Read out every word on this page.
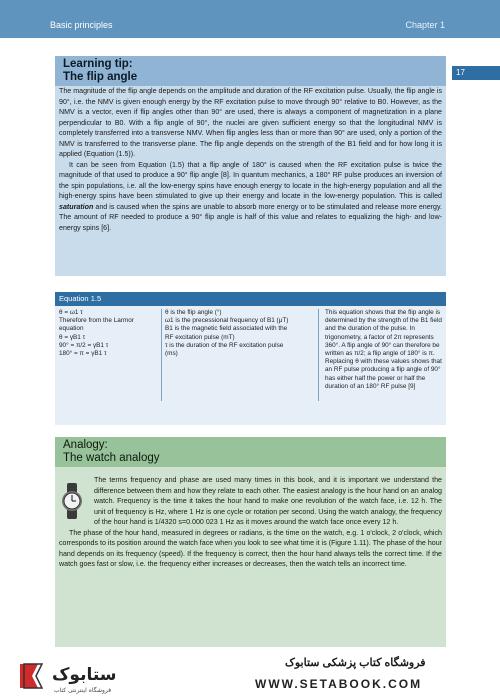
Basic principles	Chapter 1
17
Learning tip:
The flip angle

The magnitude of the flip angle depends on the amplitude and duration of the RF excitation pulse. Usually, the flip angle is 90°, i.e. the NMV is given enough energy by the RF excitation pulse to move through 90° relative to B0. However, as the NMV is a vector, even if flip angles other than 90° are used, there is always a component of magnetization in a plane perpendicular to B0. With a flip angle of 90°, the nuclei are given sufficient energy so that the longitudinal NMV is completely transferred into a transverse NMV. When flip angles less than or more than 90° are used, only a portion of the NMV is transferred to the transverse plane. The flip angle depends on the strength of the B1 field and for how long it is applied (Equation (1.5)).

It can be seen from Equation (1.5) that a flip angle of 180° is caused when the RF excitation pulse is twice the magnitude of that used to produce a 90° flip angle [8]. In quantum mechanics, a 180° RF pulse produces an inversion of the spin populations, i.e. all the low-energy spins have enough energy to locate in the high-energy population and all the high-energy spins have been stimulated to give up their energy and locate in the low-energy population. This is called saturation and is caused when the spins are unable to absorb more energy or to be stimulated and release more energy. The amount of RF needed to produce a 90° flip angle is half of this value and relates to equalizing the high- and low-energy spins [6].

Equation 1.5
θ = ω1 τ
Therefore from the Larmor equation
θ = γB1 τ
90° = π/2 = γB1 τ
180° = π = γB1 τ
θ is the flip angle (°)
ω1 is the precessional frequency of B1 (μT)
B1 is the magnetic field associated with the RF excitation pulse (mT)
τ is the duration of the RF excitation pulse (ms)
This equation shows that the flip angle is determined by the strength of the B1 field and the duration of the pulse. In trigonometry, a factor of 2π represents 360°. A flip angle of 90° can therefore be written as π/2; a flip angle of 180° is π. Replacing θ with these values shows that an RF pulse producing a flip angle of 90° has either half the power or half the duration of an 180° RF pulse [9]
Analogy:
The watch analogy

The terms frequency and phase are used many times in this book, and it is important we understand the difference between them and how they relate to each other. The easiest analogy is the hour hand on an analog watch. Frequency is the time it takes the hour hand to make one revolution of the watch face, i.e. 12 h. The unit of frequency is Hz, where 1 Hz is one cycle or rotation per second. Using the watch analogy, the frequency of the hour hand is 1/4320 s=0.000 023 1 Hz as it moves around the watch face once every 12 h.

The phase of the hour hand, measured in degrees or radians, is the time on the watch, e.g. 1 o'clock, 2 o'clock, which corresponds to its position around the watch face when you look to see what time it is (Figure 1.11). The phase of the hour hand depends on its frequency (speed). If the frequency is correct, then the hour hand always tells the correct time. If the watch goes fast or slow, i.e. the frequency either increases or decreases, then the watch tells an incorrect time.

ستابوک
فروشگاه اینترنتی کتاب
فروشگاه کتاب پزشکی ستابوک
WWW.SETABOOK.COM
